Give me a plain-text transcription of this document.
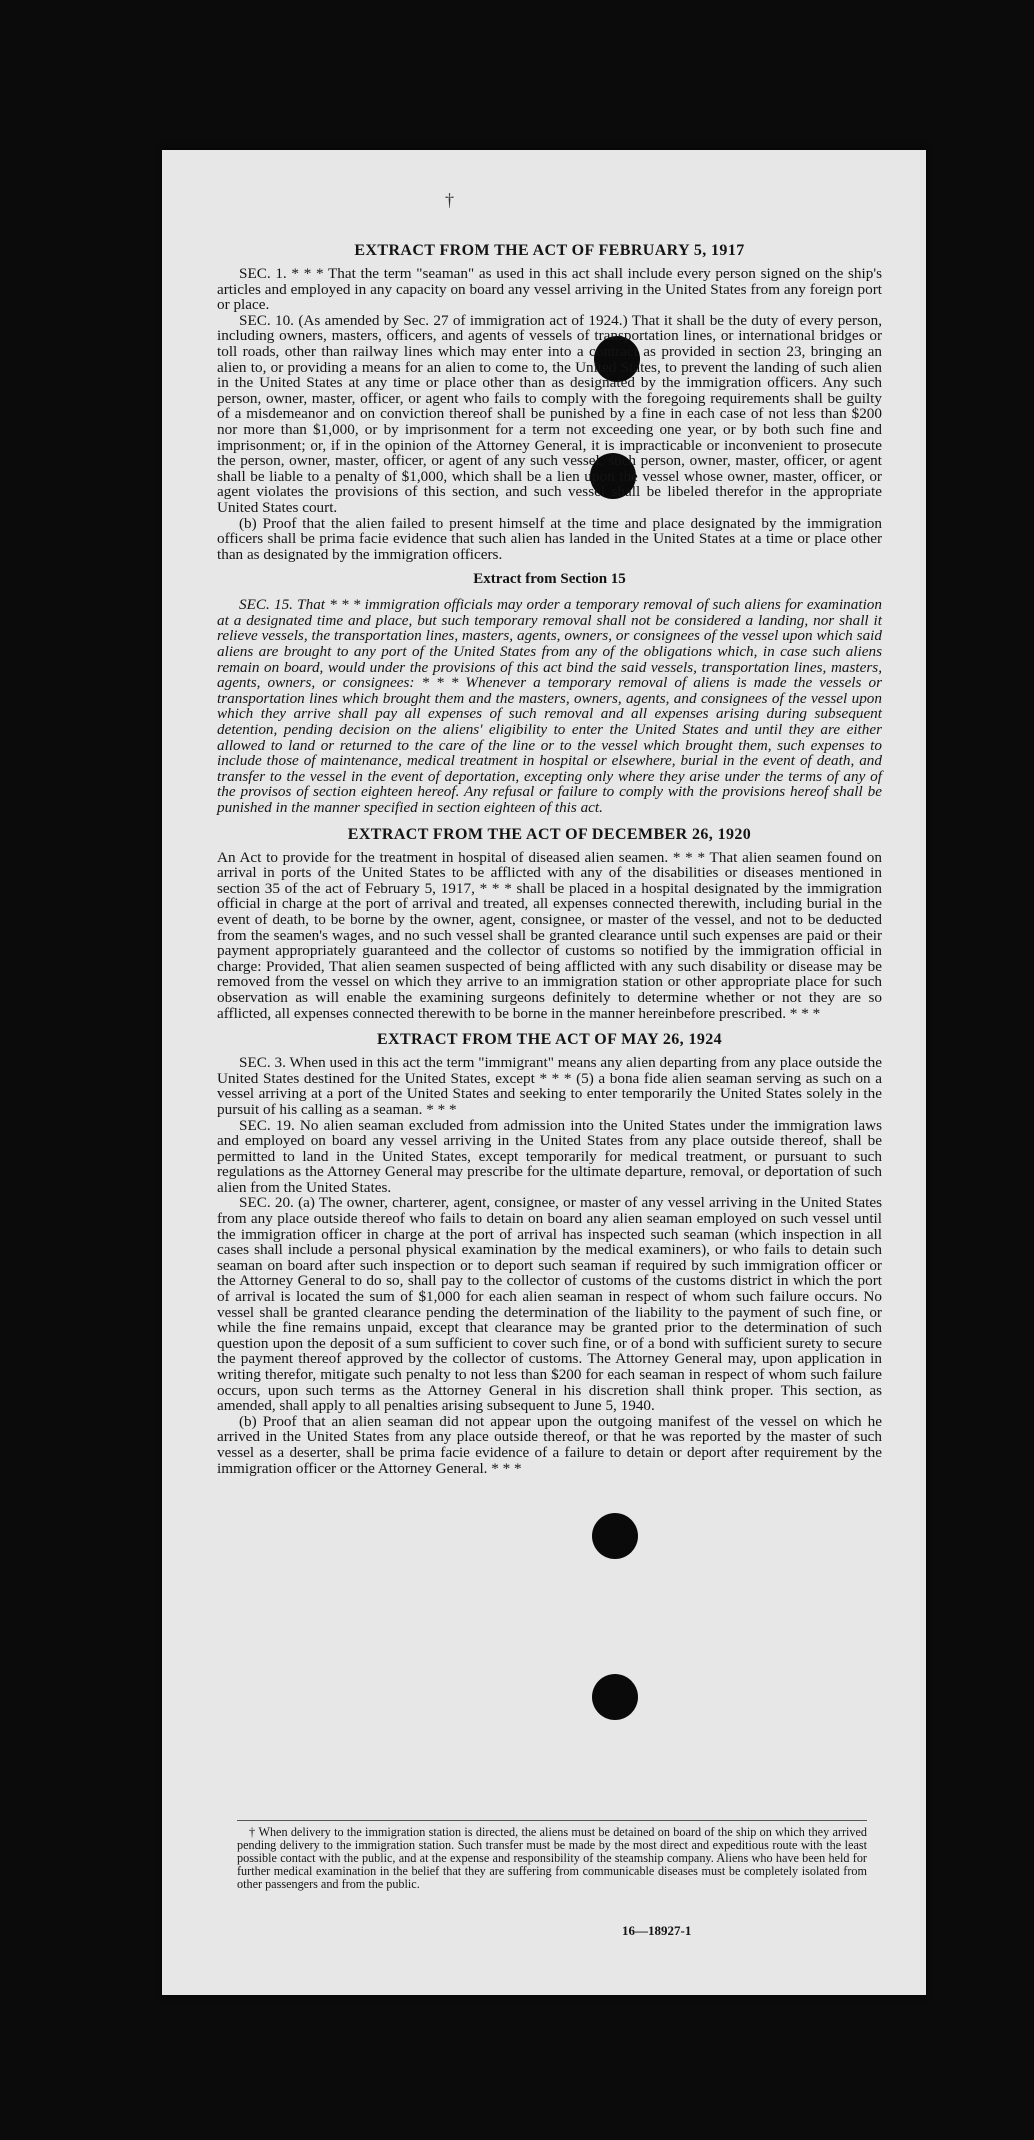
†
EXTRACT FROM THE ACT OF FEBRUARY 5, 1917

SEC. 1. * * * That the term "seaman" as used in this act shall include every person signed on the ship's articles and employed in any capacity on board any vessel arriving in the United States from any foreign port or place.

SEC. 10. (As amended by Sec. 27 of immigration act of 1924.) That it shall be the duty of every person, including owners, masters, officers, and agents of vessels of transportation lines, or international bridges or toll roads, other than railway lines which may enter into a contract as provided in section 23, bringing an alien to, or providing a means for an alien to come to, the United States, to prevent the landing of such alien in the United States at any time or place other than as designated by the immigration officers. Any such person, owner, master, officer, or agent who fails to comply with the foregoing requirements shall be guilty of a misdemeanor and on conviction thereof shall be punished by a fine in each case of not less than $200 nor more than $1,000, or by imprisonment for a term not exceeding one year, or by both such fine and imprisonment; or, if in the opinion of the Attorney General, it is impracticable or inconvenient to prosecute the person, owner, master, officer, or agent of any such vessel, such person, owner, master, officer, or agent shall be liable to a penalty of $1,000, which shall be a lien upon the vessel whose owner, master, officer, or agent violates the provisions of this section, and such vessel shall be libeled therefor in the appropriate United States court.

(b) Proof that the alien failed to present himself at the time and place designated by the immigration officers shall be prima facie evidence that such alien has landed in the United States at a time or place other than as designated by the immigration officers.

Extract from Section 15

SEC. 15. That * * * immigration officials may order a temporary removal of such aliens for examination at a designated time and place, but such temporary removal shall not be considered a landing, nor shall it relieve vessels, the transportation lines, masters, agents, owners, or consignees of the vessel upon which said aliens are brought to any port of the United States from any of the obligations which, in case such aliens remain on board, would under the provisions of this act bind the said vessels, transportation lines, masters, agents, owners, or consignees: * * * Whenever a temporary removal of aliens is made the vessels or transportation lines which brought them and the masters, owners, agents, and consignees of the vessel upon which they arrive shall pay all expenses of such removal and all expenses arising during subsequent detention, pending decision on the aliens' eligibility to enter the United States and until they are either allowed to land or returned to the care of the line or to the vessel which brought them, such expenses to include those of maintenance, medical treatment in hospital or elsewhere, burial in the event of death, and transfer to the vessel in the event of deportation, excepting only where they arise under the terms of any of the provisos of section eighteen hereof. Any refusal or failure to comply with the provisions hereof shall be punished in the manner specified in section eighteen of this act.

EXTRACT FROM THE ACT OF DECEMBER 26, 1920

An Act to provide for the treatment in hospital of diseased alien seamen. * * * That alien seamen found on arrival in ports of the United States to be afflicted with any of the disabilities or diseases mentioned in section 35 of the act of February 5, 1917, * * * shall be placed in a hospital designated by the immigration official in charge at the port of arrival and treated, all expenses connected therewith, including burial in the event of death, to be borne by the owner, agent, consignee, or master of the vessel, and not to be deducted from the seamen's wages, and no such vessel shall be granted clearance until such expenses are paid or their payment appropriately guaranteed and the collector of customs so notified by the immigration official in charge: Provided, That alien seamen suspected of being afflicted with any such disability or disease may be removed from the vessel on which they arrive to an immigration station or other appropriate place for such observation as will enable the examining surgeons definitely to determine whether or not they are so afflicted, all expenses connected therewith to be borne in the manner hereinbefore prescribed. * * *

EXTRACT FROM THE ACT OF MAY 26, 1924

SEC. 3. When used in this act the term "immigrant" means any alien departing from any place outside the United States destined for the United States, except * * * (5) a bona fide alien seaman serving as such on a vessel arriving at a port of the United States and seeking to enter temporarily the United States solely in the pursuit of his calling as a seaman. * * *

SEC. 19. No alien seaman excluded from admission into the United States under the immigration laws and employed on board any vessel arriving in the United States from any place outside thereof, shall be permitted to land in the United States, except temporarily for medical treatment, or pursuant to such regulations as the Attorney General may prescribe for the ultimate departure, removal, or deportation of such alien from the United States.

SEC. 20. (a) The owner, charterer, agent, consignee, or master of any vessel arriving in the United States from any place outside thereof who fails to detain on board any alien seaman employed on such vessel until the immigration officer in charge at the port of arrival has inspected such seaman (which inspection in all cases shall include a personal physical examination by the medical examiners), or who fails to detain such seaman on board after such inspection or to deport such seaman if required by such immigration officer or the Attorney General to do so, shall pay to the collector of customs of the customs district in which the port of arrival is located the sum of $1,000 for each alien seaman in respect of whom such failure occurs. No vessel shall be granted clearance pending the determination of the liability to the payment of such fine, or while the fine remains unpaid, except that clearance may be granted prior to the determination of such question upon the deposit of a sum sufficient to cover such fine, or of a bond with sufficient surety to secure the payment thereof approved by the collector of customs. The Attorney General may, upon application in writing therefor, mitigate such penalty to not less than $200 for each seaman in respect of whom such failure occurs, upon such terms as the Attorney General in his discretion shall think proper. This section, as amended, shall apply to all penalties arising subsequent to June 5, 1940.

(b) Proof that an alien seaman did not appear upon the outgoing manifest of the vessel on which he arrived in the United States from any place outside thereof, or that he was reported by the master of such vessel as a deserter, shall be prima facie evidence of a failure to detain or deport after requirement by the immigration officer or the Attorney General. * * *

† When delivery to the immigration station is directed, the aliens must be detained on board of the ship on which they arrived pending delivery to the immigration station. Such transfer must be made by the most direct and expeditious route with the least possible contact with the public, and at the expense and responsibility of the steamship company. Aliens who have been held for further medical examination in the belief that they are suffering from communicable diseases must be completely isolated from other passengers and from the public.

16—18927-1
